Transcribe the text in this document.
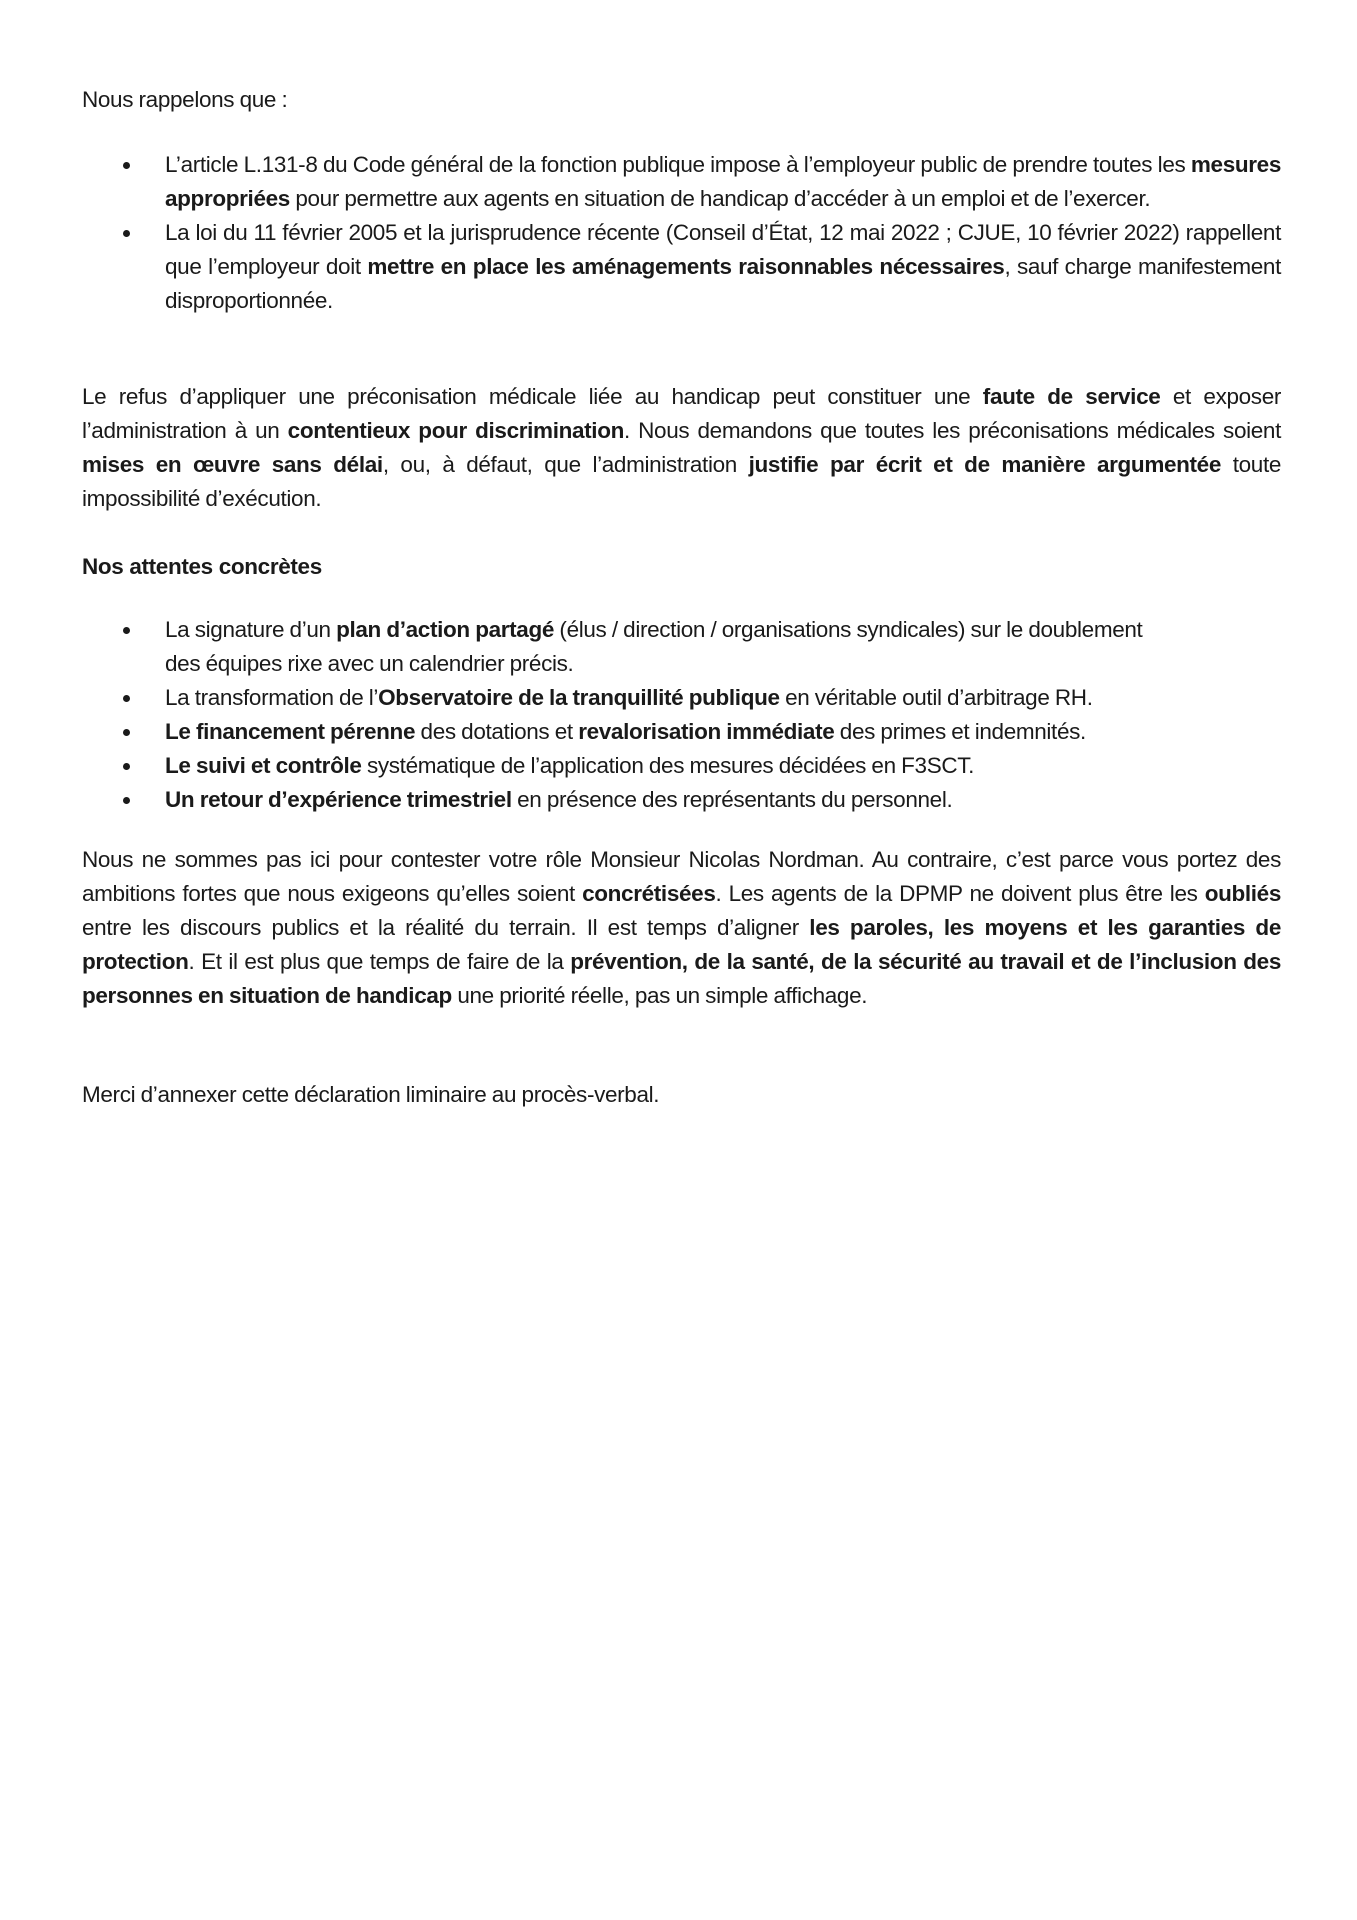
Nous rappelons que :
L’article L.131-8 du Code général de la fonction publique impose à l’employeur public de prendre toutes les mesures appropriées pour permettre aux agents en situation de handicap d’accéder à un emploi et de l’exercer.
La loi du 11 février 2005 et la jurisprudence récente (Conseil d’État, 12 mai 2022 ; CJUE, 10 février 2022) rappellent que l’employeur doit mettre en place les aménagements raisonnables nécessaires, sauf charge manifestement disproportionnée.
Le refus d’appliquer une préconisation médicale liée au handicap peut constituer une faute de service et exposer l’administration à un contentieux pour discrimination. Nous demandons que toutes les préconisations médicales soient mises en œuvre sans délai, ou, à défaut, que l’administration justifie par écrit et de manière argumentée toute impossibilité d’exécution.
Nos attentes concrètes
La signature d’un plan d’action partagé (élus / direction / organisations syndicales) sur le doublement des équipes rixe avec un calendrier précis.
La transformation de l’Observatoire de la tranquillité publique en véritable outil d’arbitrage RH.
Le financement pérenne des dotations et revalorisation immédiate des primes et indemnités.
Le suivi et contrôle systématique de l’application des mesures décidées en F3SCT.
Un retour d’expérience trimestriel en présence des représentants du personnel.
Nous ne sommes pas ici pour contester votre rôle Monsieur Nicolas Nordman. Au contraire, c’est parce vous portez des ambitions fortes que nous exigeons qu’elles soient concrétisées. Les agents de la DPMP ne doivent plus être les oubliés entre les discours publics et la réalité du terrain. Il est temps d’aligner les paroles, les moyens et les garanties de protection. Et il est plus que temps de faire de la prévention, de la santé, de la sécurité au travail et de l’inclusion des personnes en situation de handicap une priorité réelle, pas un simple affichage.
Merci d’annexer cette déclaration liminaire au procès-verbal.
